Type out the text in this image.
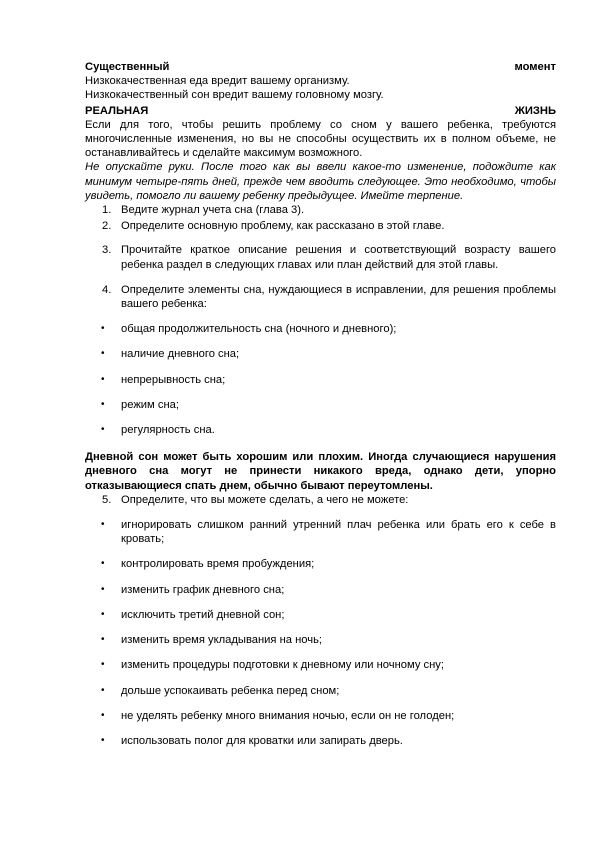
Существенный	момент

Низкокачественная еда вредит вашему организму.

Низкокачественный сон вредит вашему головному мозгу.

РЕАЛЬНАЯ	ЖИЗНЬ

Если для того, чтобы решить проблему со сном у вашего ребенка, требуются многочисленные изменения, но вы не способны осуществить их в полном объеме, не останавливайтесь и сделайте максимум возможного.

Не опускайте руки. После того как вы ввели какое-то изменение, подождите как минимум четыре-пять дней, прежде чем вводить следующее. Это необходимо, чтобы увидеть, помогло ли вашему ребенку предыдущее. Имейте терпение.

1. Ведите журнал учета сна (глава 3).
2. Определите основную проблему, как рассказано в этой главе.
3. Прочитайте краткое описание решения и соответствующий возрасту вашего ребенка раздел в следующих главах или план действий для этой главы.
4. Определите элементы сна, нуждающиеся в исправлении, для решения проблемы вашего ребенка:
• общая продолжительность сна (ночного и дневного);
• наличие дневного сна;
• непрерывность сна;
• режим сна;
• регулярность сна.

Дневной сон может быть хорошим или плохим. Иногда случающиеся нарушения дневного сна могут не принести никакого вреда, однако дети, упорно отказывающиеся спать днем, обычно бывают переутомлены.

5. Определите, что вы можете сделать, а чего не можете:
• игнорировать слишком ранний утренний плач ребенка или брать его к себе в кровать;
• контролировать время пробуждения;
• изменить график дневного сна;
• исключить третий дневной сон;
• изменить время укладывания на ночь;
• изменить процедуры подготовки к дневному или ночному сну;
• дольше успокаивать ребенка перед сном;
• не уделять ребенку много внимания ночью, если он не голоден;
• использовать полог для кроватки или запирать дверь.
